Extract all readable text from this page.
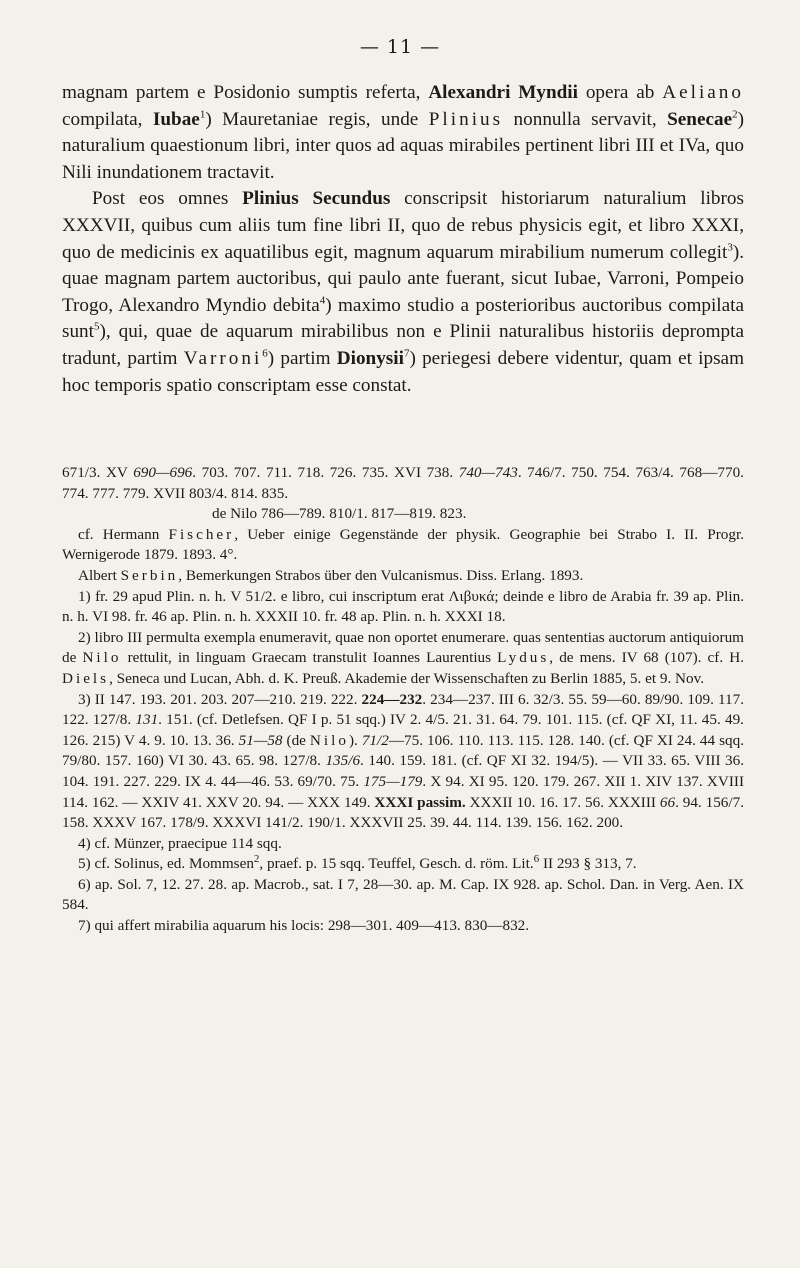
— 11 —

magnam partem e Posidonio sumptis referta, Alexandri Myndii opera ab Aeliano compilata, Iubae$^1$) Mauretaniae regis, unde Plinius nonnulla servavit, Senecae$^2$) naturalium quaestionum libri, inter quos ad aquas mirabiles pertinent libri III et IVa, quo Nili inundationem tractavit.

Post eos omnes Plinius Secundus conscripsit historiarum naturalium libros XXXVII, quibus cum aliis tum fine libri II, quo de rebus physicis egit, et libro XXXI, quo de medicinis ex aquatilibus egit, magnum aquarum mirabilium numerum collegit$^3$). quae magnam partem auctoribus, qui paulo ante fuerant, sicut Iubae, Varroni, Pompeio Trogo, Alexandro Myndio debita$^4$) maximo studio a posterioribus auctoribus compilata sunt$^5$), qui, quae de aquarum mirabilibus non e Plinii naturalibus historiis deprompta tradunt, partim Varroni$^6$) partim Dionysii$^7$) periegesi debere videntur, quam et ipsam hoc temporis spatio conscriptam esse constat.

671/3. XV 690—696. 703. 707. 711. 718. 726. 735. XVI 738. 740—743. 746/7. 750. 754. 763/4. 768—770. 774. 777. 779. XVII 803/4. 814. 835.

de Nilo 786—789. 810/1. 817—819. 823.

cf. Hermann Fischer, Ueber einige Gegenstände der physik. Geographie bei Strabo I. II. Progr. Wernigerode 1879. 1893. 4°.

Albert Serbin, Bemerkungen Strabos über den Vulcanismus. Diss. Erlang. 1893.

1) fr. 29 apud Plin. n. h. V 51/2. e libro, cui inscriptum erat Λιβυκά; deinde e libro de Arabia fr. 39 ap. Plin. n. h. VI 98. fr. 46 ap. Plin. n. h. XXXII 10. fr. 48 ap. Plin. n. h. XXXI 18.

2) libro III permulta exempla enumeravit, quae non oportet enumerare. quas sententias auctorum antiquiorum de Nilo rettulit, in linguam Graecam transtulit Ioannes Laurentius Lydus, de mens. IV 68 (107). cf. H. Diels, Seneca und Lucan, Abh. d. K. Preuß. Akademie der Wissenschaften zu Berlin 1885, 5. et 9. Nov.

3) II 147. 193. 201. 203. 207—210. 219. 222. 224—232. 234—237. III 6. 32/3. 55. 59—60. 89/90. 109. 117. 122. 127/8. 131. 151. (cf. Detlefsen. QF I p. 51 sqq.) IV 2. 4/5. 21. 31. 64. 79. 101. 115. (cf. QF XI, 11. 45. 49. 126. 215) V 4. 9. 10. 13. 36. 51—58 (de Nilo). 71/2—75. 106. 110. 113. 115. 128. 140. (cf. QF XI 24. 44 sqq. 79/80. 157. 160) VI 30. 43. 65. 98. 127/8. 135/6. 140. 159. 181. (cf. QF XI 32. 194/5). — VII 33. 65. VIII 36. 104. 191. 227. 229. IX 4. 44—46. 53. 69/70. 75. 175—179. X 94. XI 95. 120. 179. 267. XII 1. XIV 137. XVIII 114. 162. — XXIV 41. XXV 20. 94. — XXX 149. XXXI passim. XXXII 10. 16. 17. 56. XXXIII 66. 94. 156/7. 158. XXXV 167. 178/9. XXXVI 141/2. 190/1. XXXVII 25. 39. 44. 114. 139. 156. 162. 200.

4) cf. Münzer, praecipue 114 sqq.

5) cf. Solinus, ed. Mommsen$^2$, praef. p. 15 sqq. Teuffel, Gesch. d. röm. Lit.$^6$ II 293 § 313, 7.

6) ap. Sol. 7, 12. 27. 28. ap. Macrob., sat. I 7, 28—30. ap. M. Cap. IX 928. ap. Schol. Dan. in Verg. Aen. IX 584.

7) qui affert mirabilia aquarum his locis: 298—301. 409—413. 830—832.
